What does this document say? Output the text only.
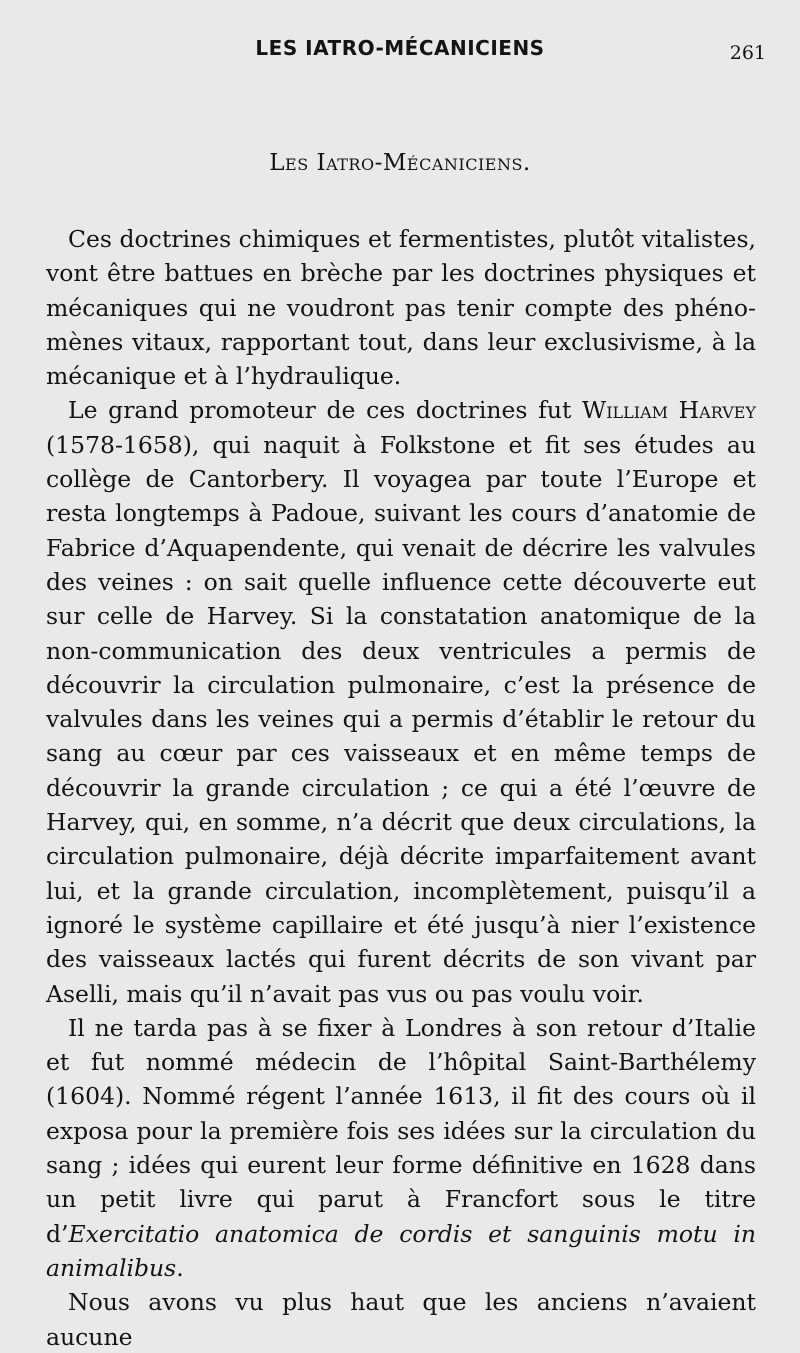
LES IATRO-MÉCANICIENS	261
Les Iatro-Mécaniciens.

Ces doctrines chimiques et fermentistes, plutôt vitalistes, vont être battues en brèche par les doctrines physiques et mécaniques qui ne voudront pas tenir compte des phénomènes vitaux, rapportant tout, dans leur exclusivisme, à la mécanique et à l’hydraulique.

Le grand promoteur de ces doctrines fut William Harvey (1578-1658), qui naquit à Folkstone et fit ses études au collège de Cantorbery. Il voyagea par toute l’Europe et resta longtemps à Padoue, suivant les cours d’anatomie de Fabrice d’Aquapendente, qui venait de décrire les valvules des veines : on sait quelle influence cette découverte eut sur celle de Harvey. Si la constatation anatomique de la non-communication des deux ventricules a permis de découvrir la circulation pulmonaire, c’est la présence de valvules dans les veines qui a permis d’établir le retour du sang au cœur par ces vaisseaux et en même temps de découvrir la grande circulation ; ce qui a été l’œuvre de Harvey, qui, en somme, n’a décrit que deux circulations, la circulation pulmonaire, déjà décrite imparfaitement avant lui, et la grande circulation, incomplètement, puisqu’il a ignoré le système capillaire et été jusqu’à nier l’existence des vaisseaux lactés qui furent décrits de son vivant par Aselli, mais qu’il n’avait pas vus ou pas voulu voir.

Il ne tarda pas à se fixer à Londres à son retour d’Italie et fut nommé médecin de l’hôpital Saint-Barthélemy (1604). Nommé régent l’année 1613, il fit des cours où il exposa pour la première fois ses idées sur la circulation du sang ; idées qui eurent leur forme définitive en 1628 dans un petit livre qui parut à Francfort sous le titre d’Exercitatio anatomica de cordis et sanguinis motu in animalibus.

Nous avons vu plus haut que les anciens n’avaient aucune
